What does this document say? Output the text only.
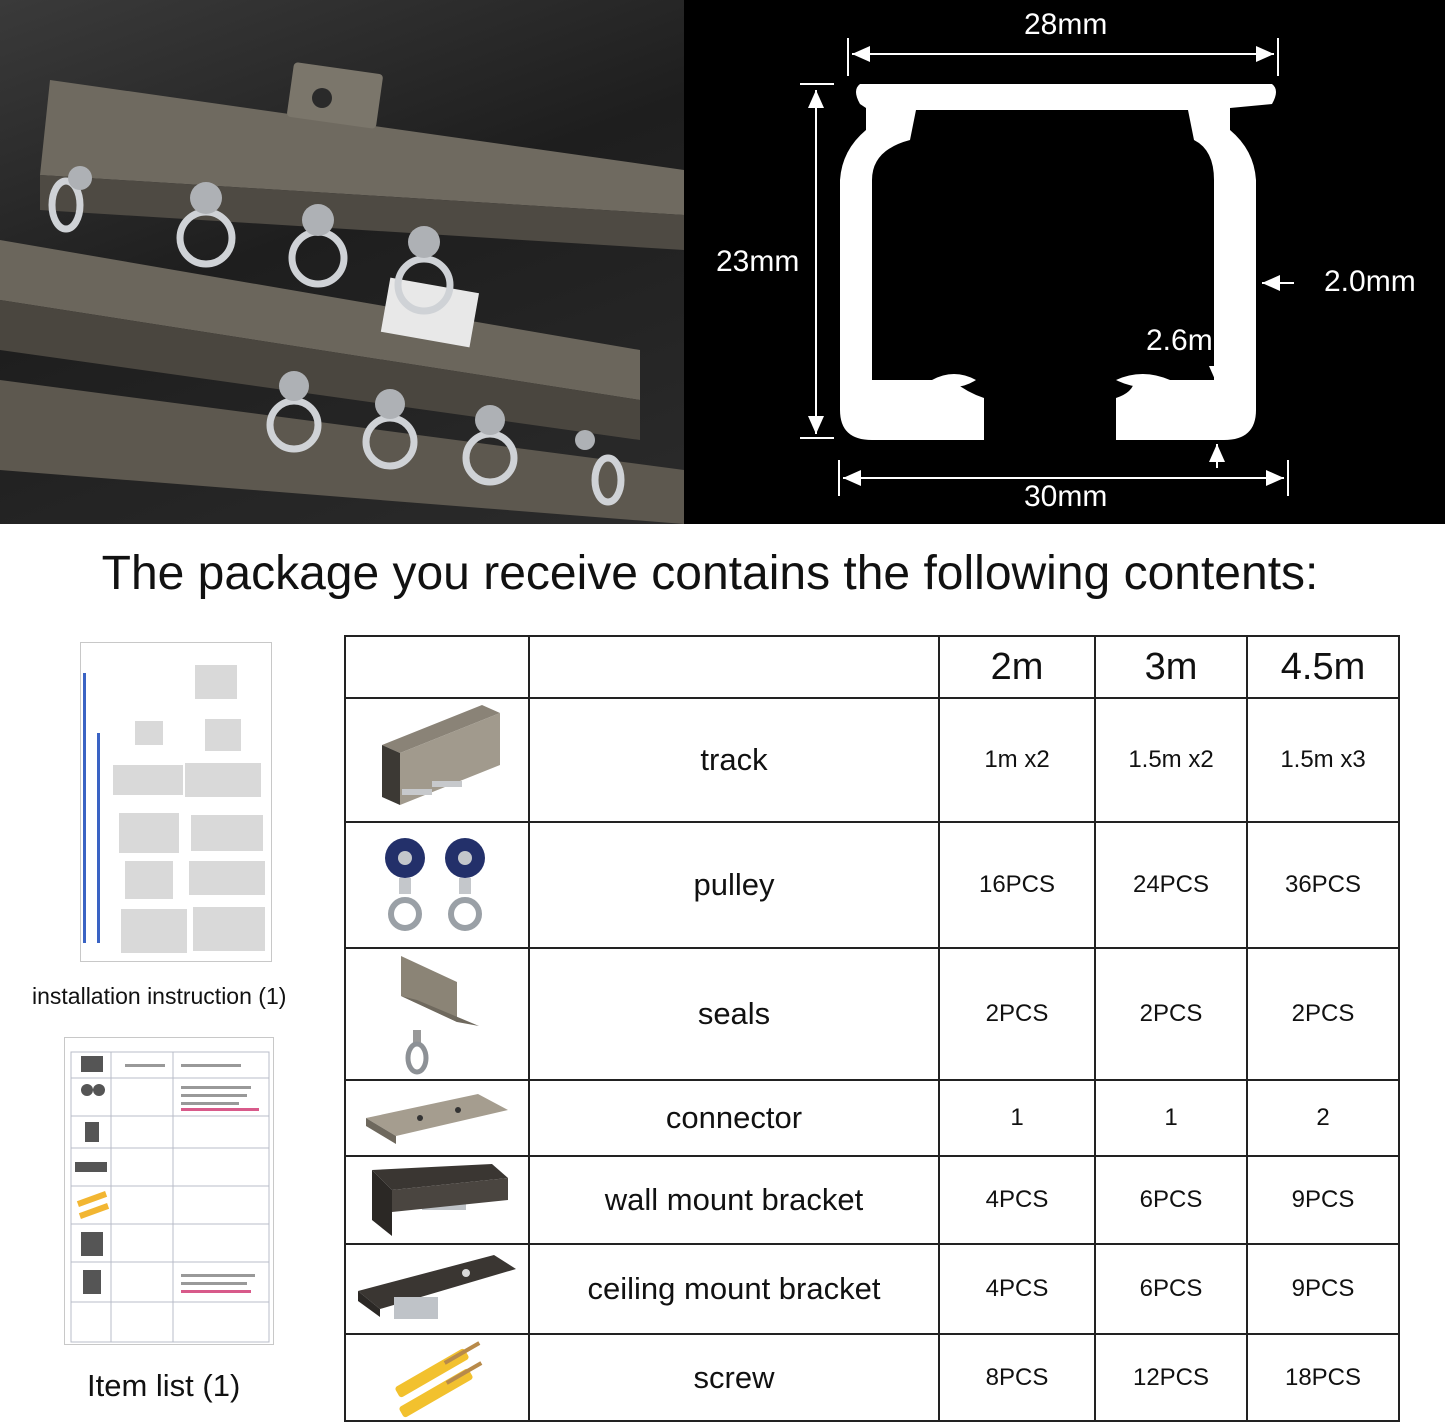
28mm
23mm
2.0mm
2.6mm
30mm
The package you receive contains the following contents:
installation instruction (1)
Item list (1)
		2m	3m	4.5m

	track	1m x2	1.5m x2	1.5m x3

	pulley	16PCS	24PCS	36PCS

	seals	2PCS	2PCS	2PCS

	connector	1	1	2

	wall mount bracket	4PCS	6PCS	9PCS

	ceiling mount bracket	4PCS	6PCS	9PCS

	screw	8PCS	12PCS	18PCS
